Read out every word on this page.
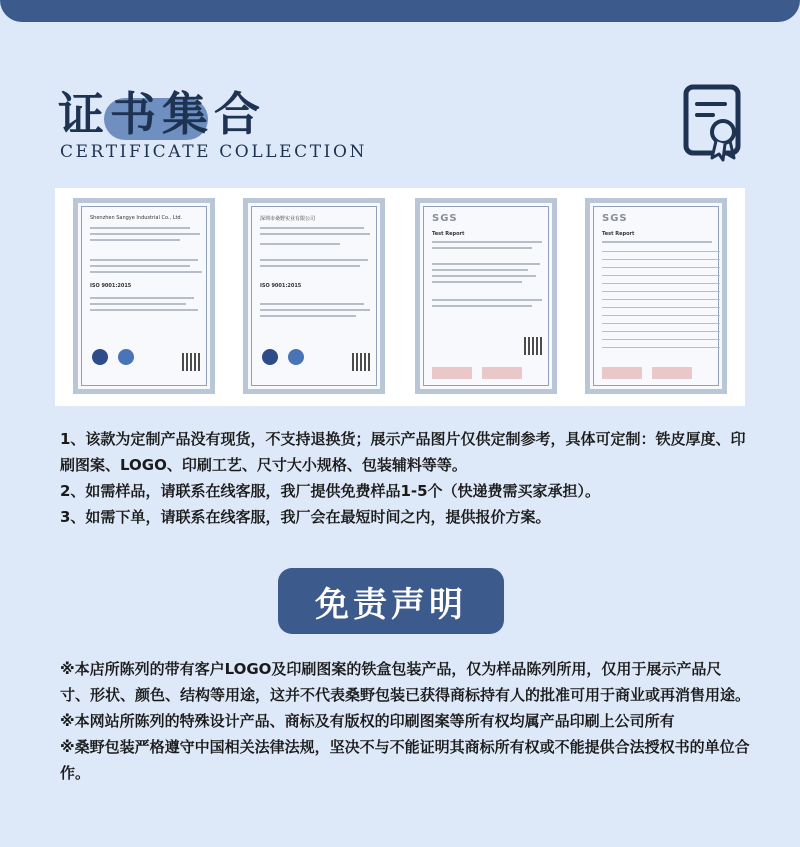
证书集合
CERTIFICATE COLLECTION
Shenzhen Sangye Industrial Co., Ltd.
ISO 9001:2015
深圳市桑野实业有限公司
ISO 9001:2015
SGS
Test Report
SGS
Test Report

1、该款为定制产品没有现货，不支持退换货；展示产品图片仅供定制参考，具体可定制：铁皮厚度、印刷图案、LOGO、印刷工艺、尺寸大小规格、包装辅料等等。

2、如需样品，请联系在线客服，我厂提供免费样品1-5个（快递费需买家承担）。

3、如需下单，请联系在线客服，我厂会在最短时间之内，提供报价方案。

免责声明

※本店所陈列的带有客户LOGO及印刷图案的铁盒包装产品，仅为样品陈列所用，仅用于展示产品尺寸、形状、颜色、结构等用途，这并不代表桑野包装已获得商标持有人的批准可用于商业或再消售用途。

※本网站所陈列的特殊设计产品、商标及有版权的印刷图案等所有权均属产品印刷上公司所有

※桑野包装严格遵守中国相关法律法规，坚决不与不能证明其商标所有权或不能提供合法授权书的单位合作。
